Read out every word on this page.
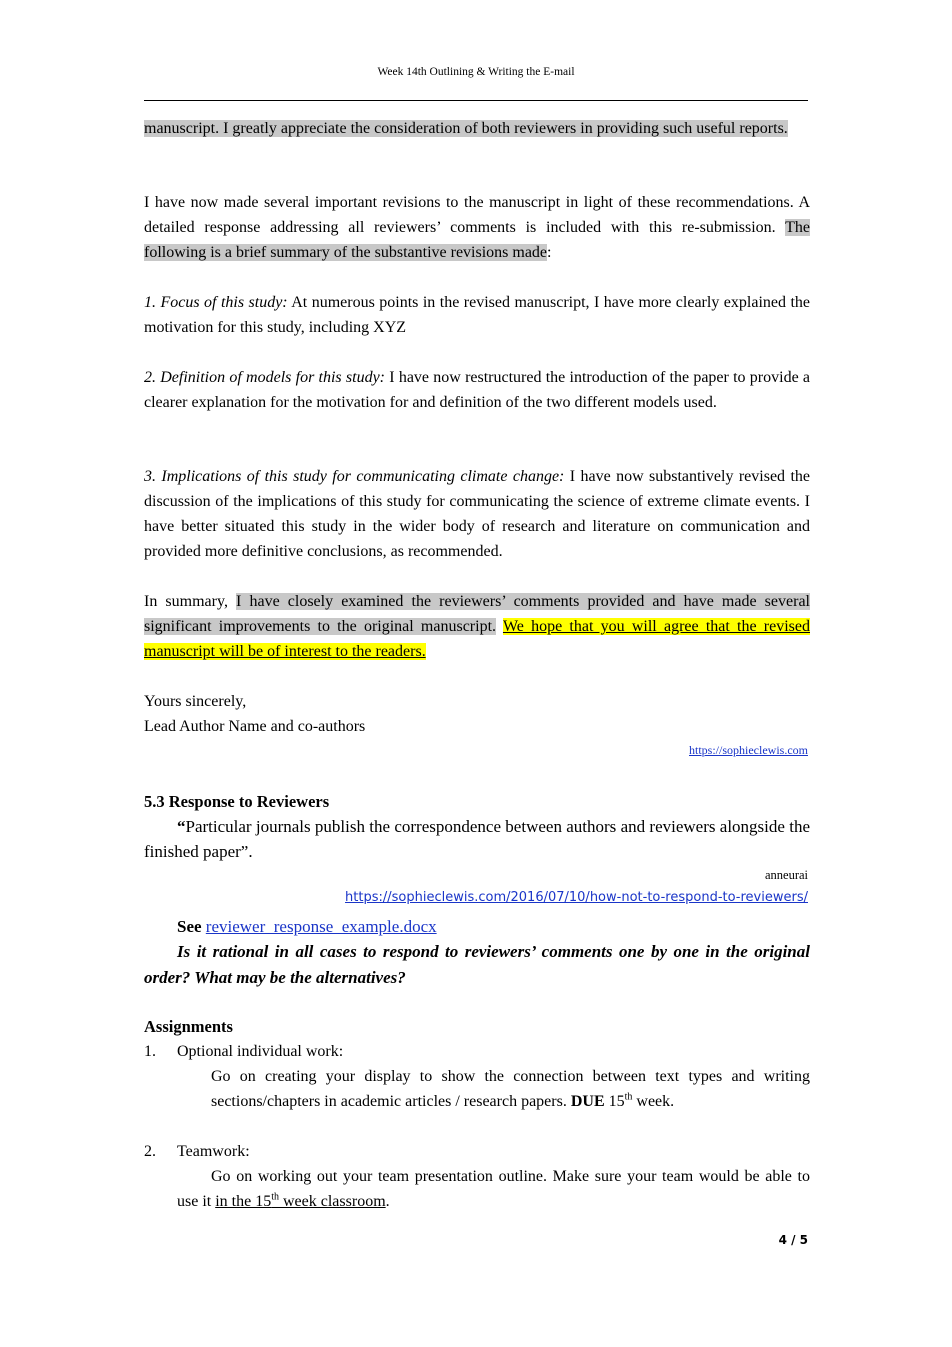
Week 14th Outlining & Writing the E-mail
manuscript. I greatly appreciate the consideration of both reviewers in providing such useful reports.
I have now made several important revisions to the manuscript in light of these recommendations. A detailed response addressing all reviewers’ comments is included with this re-submission. The following is a brief summary of the substantive revisions made:
1. Focus of this study: At numerous points in the revised manuscript, I have more clearly explained the motivation for this study, including XYZ
2. Definition of models for this study: I have now restructured the introduction of the paper to provide a clearer explanation for the motivation for and definition of the two different models used.
3. Implications of this study for communicating climate change: I have now substantively revised the discussion of the implications of this study for communicating the science of extreme climate events. I have better situated this study in the wider body of research and literature on communication and provided more definitive conclusions, as recommended.
In summary, I have closely examined the reviewers’ comments provided and have made several significant improvements to the original manuscript. We hope that you will agree that the revised manuscript will be of interest to the readers.
Yours sincerely,
Lead Author Name and co-authors
https://sophieclewis.com
5.3 Response to Reviewers
“Particular journals publish the correspondence between authors and reviewers alongside the finished paper”.
anneurai
https://sophieclewis.com/2016/07/10/how-not-to-respond-to-reviewers/
See reviewer_response_example.docx
Is it rational in all cases to respond to reviewers’ comments one by one in the original order? What may be the alternatives?
Assignments
1. Optional individual work:
Go on creating your display to show the connection between text types and writing sections/chapters in academic articles / research papers. DUE 15th week.
2. Teamwork:
Go on working out your team presentation outline. Make sure your team would be able to use it in the 15th week classroom.
4 / 5
